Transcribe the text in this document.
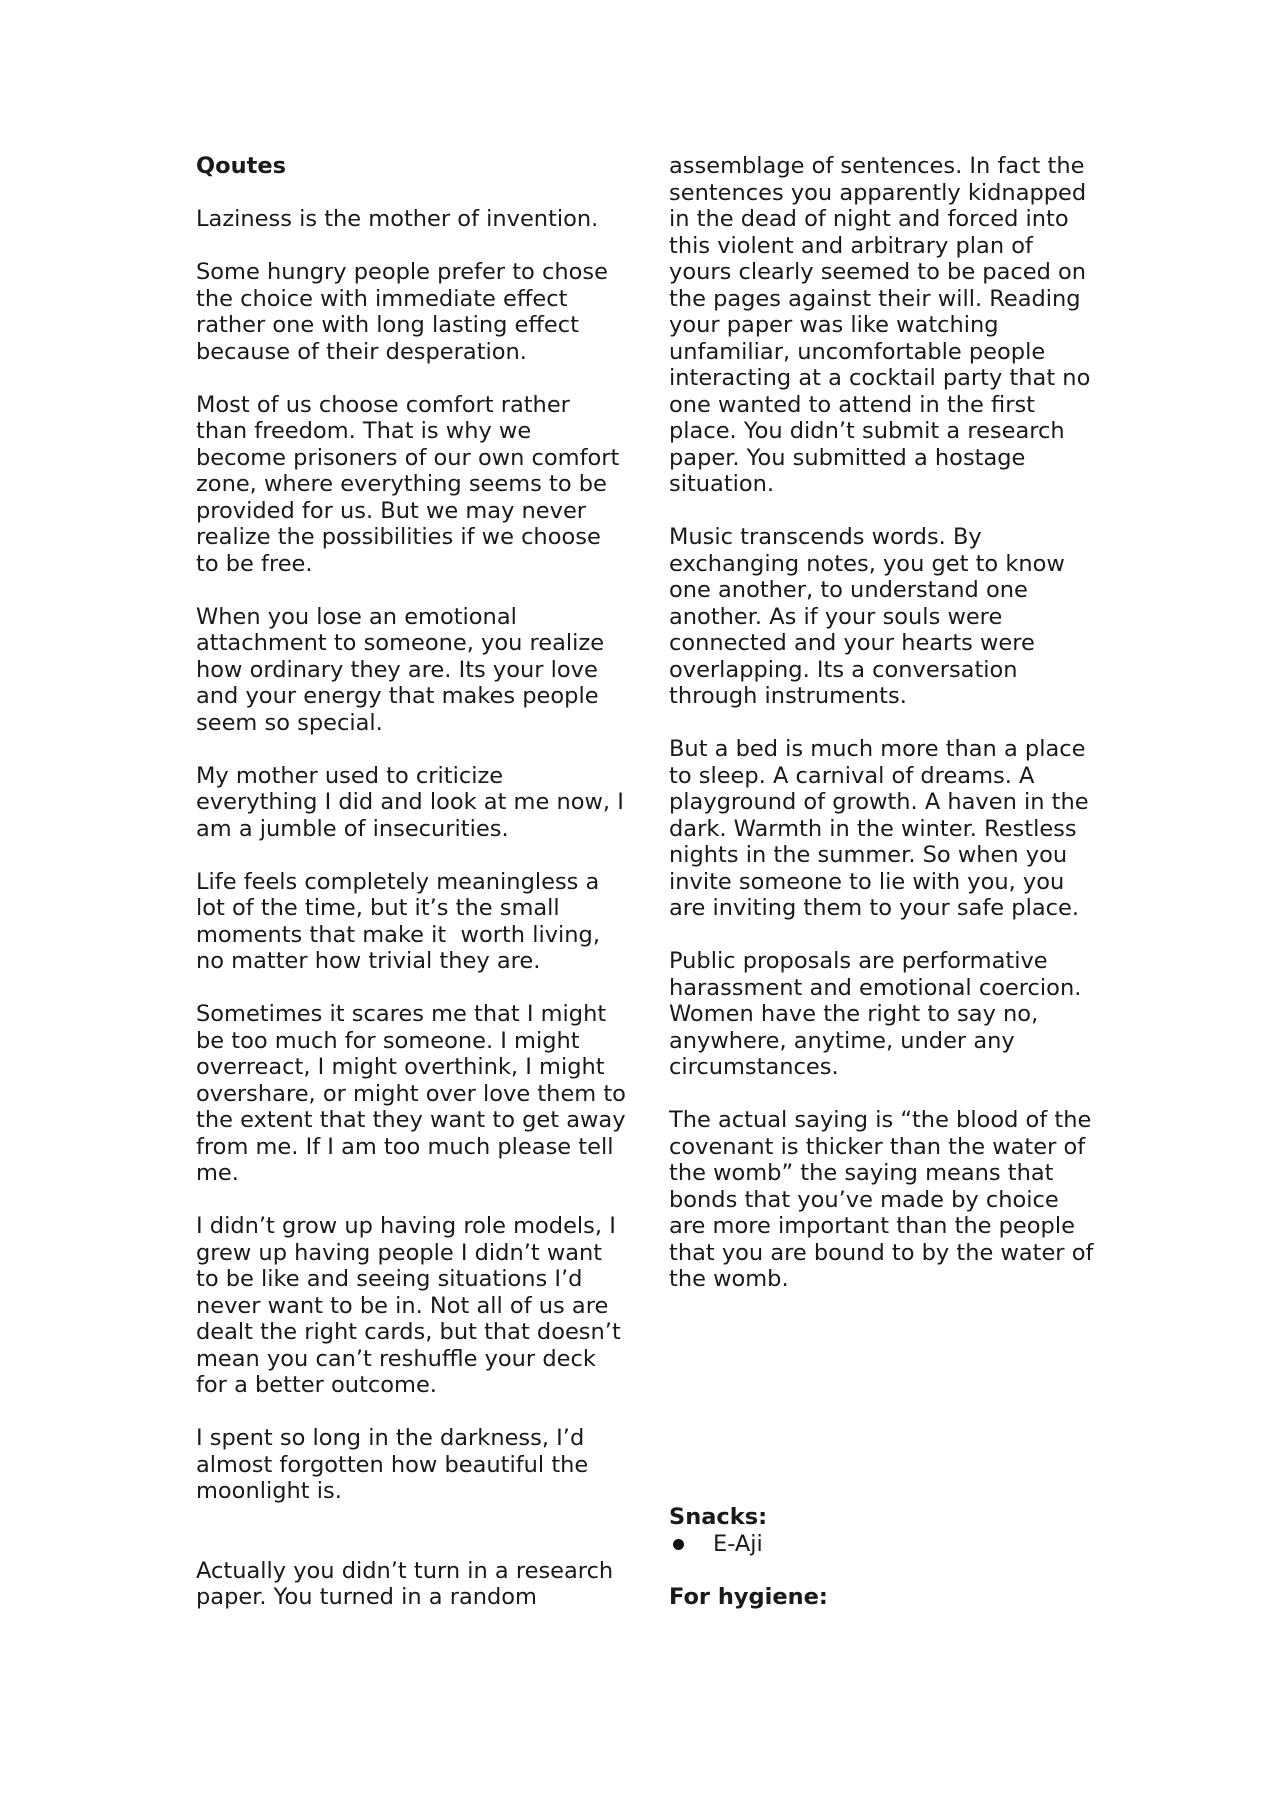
Qoutes
Laziness is the mother of invention.
Some hungry people prefer to chose the choice with immediate effect rather one with long lasting effect because of their desperation.
Most of us choose comfort rather than freedom. That is why we become prisoners of our own comfort zone, where everything seems to be provided for us. But we may never realize the possibilities if we choose to be free.
When you lose an emotional attachment to someone, you realize how ordinary they are. Its your love and your energy that makes people seem so special.
My mother used to criticize everything I did and look at me now, I am a jumble of insecurities.
Life feels completely meaningless a lot of the time, but it’s the small moments that make it  worth living, no matter how trivial they are.
Sometimes it scares me that I might be too much for someone. I might overreact, I might overthink, I might overshare, or might over love them to the extent that they want to get away from me. If I am too much please tell me.
I didn’t grow up having role models, I grew up having people I didn’t want to be like and seeing situations I’d never want to be in. Not all of us are dealt the right cards, but that doesn’t mean you can’t reshuffle your deck for a better outcome.
I spent so long in the darkness, I’d almost forgotten how beautiful the moonlight is.
Actually you didn’t turn in a research paper. You turned in a random
assemblage of sentences. In fact the sentences you apparently kidnapped in the dead of night and forced into this violent and arbitrary plan of yours clearly seemed to be paced on the pages against their will. Reading your paper was like watching unfamiliar, uncomfortable people interacting at a cocktail party that no one wanted to attend in the first place. You didn’t submit a research paper. You submitted a hostage situation.
Music transcends words. By exchanging notes, you get to know one another, to understand one another. As if your souls were connected and your hearts were overlapping. Its a conversation through instruments.
But a bed is much more than a place to sleep. A carnival of dreams. A playground of growth. A haven in the dark. Warmth in the winter. Restless nights in the summer. So when you invite someone to lie with you, you are inviting them to your safe place.
Public proposals are performative harassment and emotional coercion. Women have the right to say no, anywhere, anytime, under any circumstances.
The actual saying is “the blood of the covenant is thicker than the water of the womb” the saying means that bonds that you’ve made by choice are more important than the people that you are bound to by the water of the womb.
Snacks:
E-Aji
For hygiene:
